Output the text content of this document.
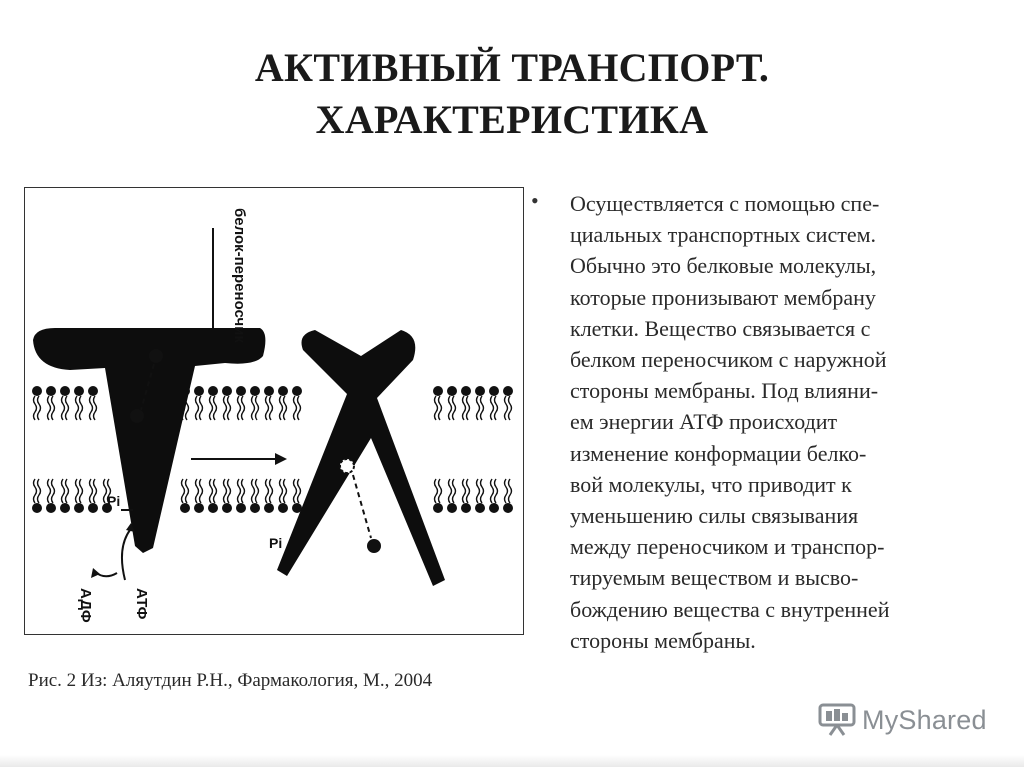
АКТИВНЫЙ ТРАНСПОРТ.
ХАРАКТЕРИСТИКА
Pi
АТФ
АДФ
белок-переносчик
Pi
Рис. 2 Из: Аляутдин Р.Н., Фармакология, М., 2004
• Осуществляется с помощью спе-
циальных транспортных систем.
Обычно это белковые молекулы,
которые пронизывают мембрану
клетки. Вещество связывается с
белком переносчиком с наружной
стороны мембраны. Под влияни-
ем энергии АТФ происходит
изменение конформации белко-
вой молекулы, что приводит к
уменьшению силы связывания
между переносчиком и транспор-
тируемым веществом и высво-
бождению вещества с внутренней
стороны мембраны.
MyShared
